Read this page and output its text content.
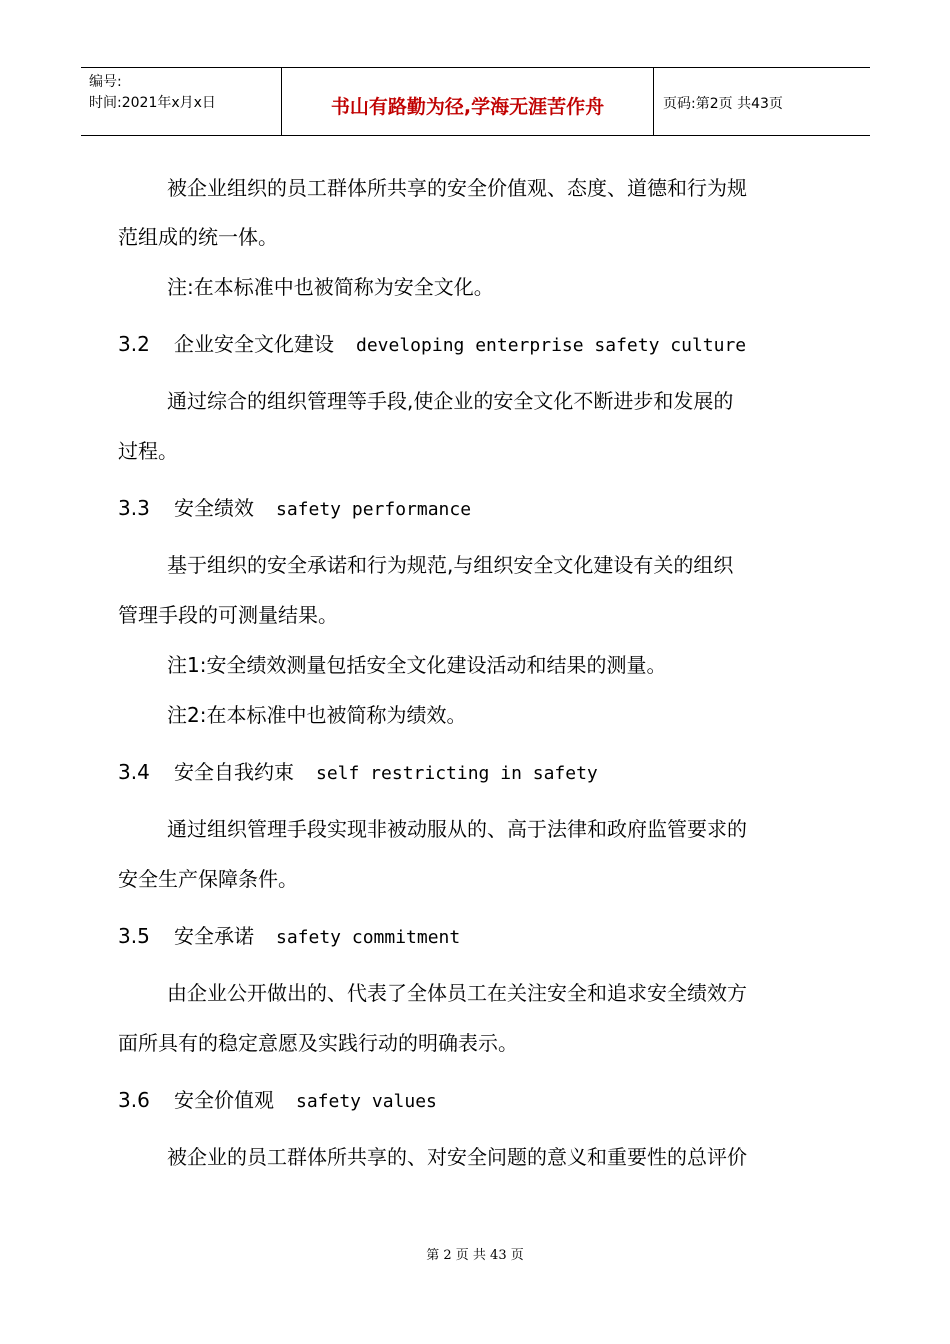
编号:
时间:2021年x月x日	书山有路勤为径,学海无涯苦作舟	页码:第2页 共43页
被企业组织的员工群体所共享的安全价值观、态度、道德和行为规
范组成的统一体。
注:在本标准中也被简称为安全文化。
3.2 企业安全文化建设 developing enterprise safety culture
通过综合的组织管理等手段,使企业的安全文化不断进步和发展的
过程。
3.3 安全绩效 safety performance
基于组织的安全承诺和行为规范,与组织安全文化建设有关的组织
管理手段的可测量结果。
注1:安全绩效测量包括安全文化建设活动和结果的测量。
注2:在本标准中也被简称为绩效。
3.4 安全自我约束 self restricting in safety
通过组织管理手段实现非被动服从的、高于法律和政府监管要求的
安全生产保障条件。
3.5 安全承诺 safety commitment
由企业公开做出的、代表了全体员工在关注安全和追求安全绩效方
面所具有的稳定意愿及实践行动的明确表示。
3.6 安全价值观 safety values
被企业的员工群体所共享的、对安全问题的意义和重要性的总评价
第 2 页 共 43 页
